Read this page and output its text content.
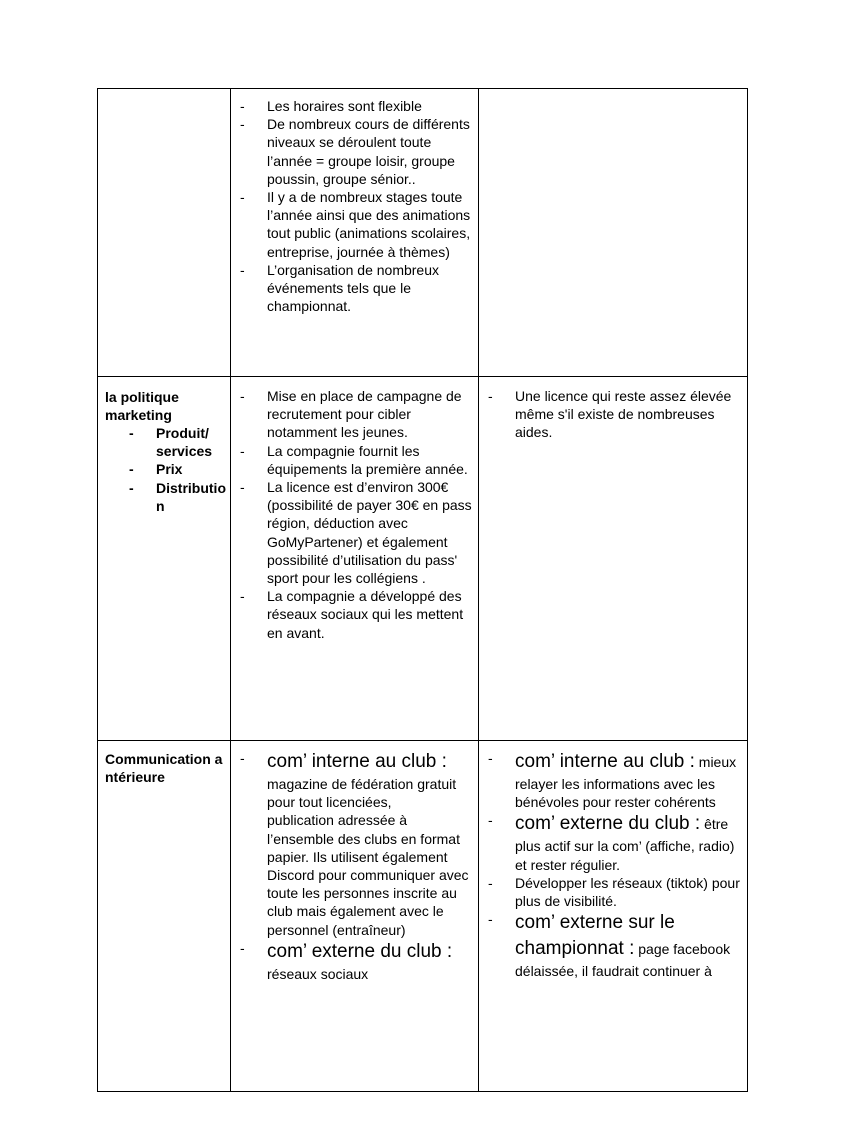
- Les horaires sont flexible
- De nombreux cours de différents niveaux se déroulent toute l’année = groupe loisir, groupe poussin, groupe sénior..
- Il y a de nombreux stages toute l’année ainsi que des animations tout public (animations scolaires, entreprise, journée à thèmes)
- L’organisation de nombreux événements tels que le championnat.
la politique marketing
- Produit/ services
- Prix
- Distribution
- Mise en place de campagne de recrutement pour cibler notamment les jeunes.
- La compagnie fournit les équipements la première année.
- La licence est d’environ 300€ (possibilité de payer 30€ en pass région, déduction avec GoMyPartener) et également possibilité d’utilisation du pass' sport pour les collégiens .
- La compagnie a développé des réseaux sociaux qui les mettent en avant.
- Une licence qui reste assez élevée même s'il existe de nombreuses aides.
Communication antérieure
- com’ interne au club : magazine de fédération gratuit pour tout licenciées,
publication adressée à l’ensemble des clubs en format papier. Ils utilisent également Discord pour communiquer avec toute les personnes inscrite au club mais également avec le personnel (entraîneur)
- com’ externe du club : réseaux sociaux
- com’ interne au club : mieux relayer les informations avec les bénévoles pour rester cohérents
- com’ externe du club : être plus actif sur la com’ (affiche, radio) et rester régulier.
- Développer les réseaux (tiktok) pour plus de visibilité.
- com’ externe sur le championnat : page facebook délaissée, il faudrait continuer à
